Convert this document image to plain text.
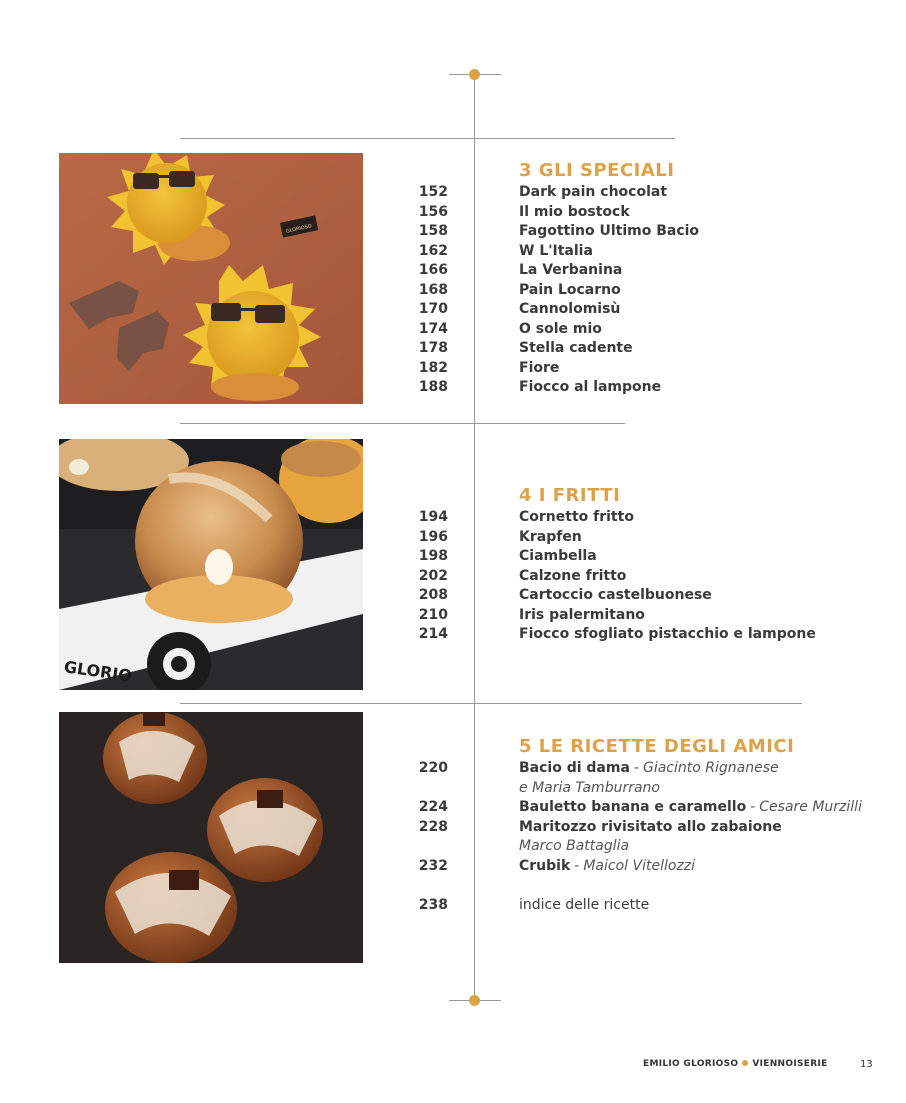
GLORIOSO
GLORIO
3 GLI SPECIALI
152	Dark pain chocolat
156	Il mio bostock
158	Fagottino Ultimo Bacio
162	W L'Italia
166	La Verbanina
168	Pain Locarno
170	Cannolomisù
174	O sole mio
178	Stella cadente
182	Fiore
188	Fiocco al lampone
4 I FRITTI
194	Cornetto fritto
196	Krapfen
198	Ciambella
202	Calzone fritto
208	Cartoccio castelbuonese
210	Iris palermitano
214	Fiocco sfogliato pistacchio e lampone
5 LE RICETTE DEGLI AMICI
220	Bacio di dama - Giacinto Rignanese
e Maria Tamburrano
224	Bauletto banana e caramello - Cesare Murzilli
228	Maritozzo rivisitato allo zabaione
Marco Battaglia
232	Crubik - Maicol Vitellozzi
238	indice delle ricette
EMILIO GLORIOSO VIENNOISERIE	13
